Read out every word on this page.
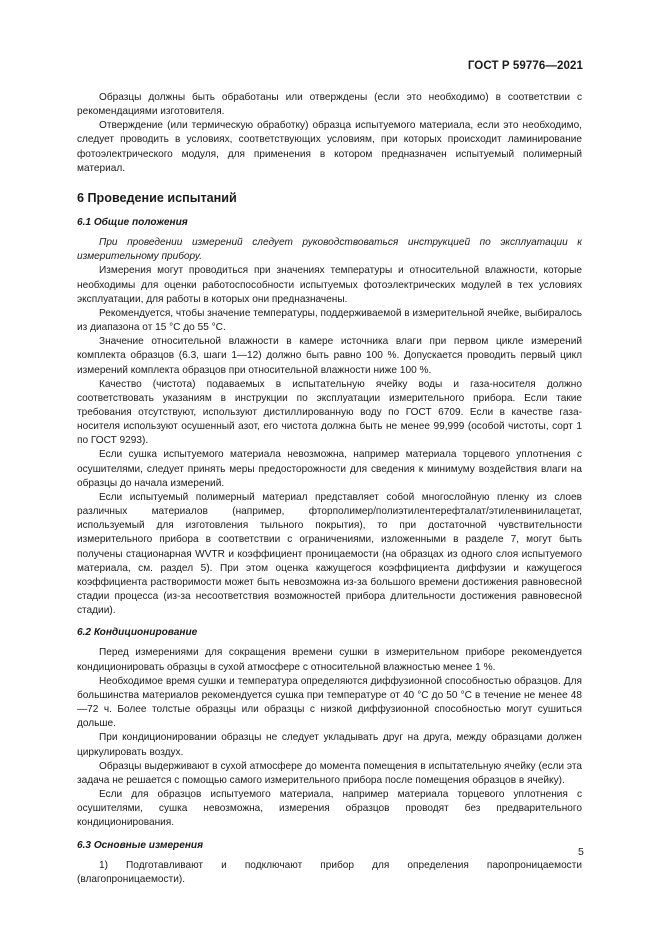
ГОСТ Р 59776—2021

Образцы должны быть обработаны или отверждены (если это необходимо) в соответствии с рекомендациями изготовителя.

Отверждение (или термическую обработку) образца испытуемого материала, если это необходимо, следует проводить в условиях, соответствующих условиям, при которых происходит ламинирование фотоэлектрического модуля, для применения в котором предназначен испытуемый полимерный материал.

6 Проведение испытаний

6.1 Общие положения

При проведении измерений следует руководствоваться инструкцией по эксплуатации к измерительному прибору.

Измерения могут проводиться при значениях температуры и относительной влажности, которые необходимы для оценки работоспособности испытуемых фотоэлектрических модулей в тех условиях эксплуатации, для работы в которых они предназначены.

Рекомендуется, чтобы значение температуры, поддерживаемой в измерительной ячейке, выбиралось из диапазона от 15 °С до 55 °С.

Значение относительной влажности в камере источника влаги при первом цикле измерений комплекта образцов (6.3, шаги 1—12) должно быть равно 100 %. Допускается проводить первый цикл измерений комплекта образцов при относительной влажности ниже 100 %.

Качество (чистота) подаваемых в испытательную ячейку воды и газа-носителя должно соответствовать указаниям в инструкции по эксплуатации измерительного прибора. Если такие требования отсутствуют, используют дистиллированную воду по ГОСТ 6709. Если в качестве газа-носителя используют осушенный азот, его чистота должна быть не менее 99,999 (особой чистоты, сорт 1 по ГОСТ 9293).

Если сушка испытуемого материала невозможна, например материала торцевого уплотнения с осушителями, следует принять меры предосторожности для сведения к минимуму воздействия влаги на образцы до начала измерений.

Если испытуемый полимерный материал представляет собой многослойную пленку из слоев различных материалов (например, фторполимер/полиэтилентерефталат/этиленвинилацетат, используемый для изготовления тыльного покрытия), то при достаточной чувствительности измерительного прибора в соответствии с ограничениями, изложенными в разделе 7, могут быть получены стационарная WVTR и коэффициент проницаемости (на образцах из одного слоя испытуемого материала, см. раздел 5). При этом оценка кажущегося коэффициента диффузии и кажущегося коэффициента растворимости может быть невозможна из-за большого времени достижения равновесной стадии процесса (из-за несоответствия возможностей прибора длительности достижения равновесной стадии).

6.2 Кондиционирование

Перед измерениями для сокращения времени сушки в измерительном приборе рекомендуется кондиционировать образцы в сухой атмосфере с относительной влажностью менее 1 %.

Необходимое время сушки и температура определяются диффузионной способностью образцов. Для большинства материалов рекомендуется сушка при температуре от 40 °С до 50 °С в течение не менее 48—72 ч. Более толстые образцы или образцы с низкой диффузионной способностью могут сушиться дольше.

При кондиционировании образцы не следует укладывать друг на друга, между образцами должен циркулировать воздух.

Образцы выдерживают в сухой атмосфере до момента помещения в испытательную ячейку (если эта задача не решается с помощью самого измерительного прибора после помещения образцов в ячейку).

Если для образцов испытуемого материала, например материала торцевого уплотнения с осушителями, сушка невозможна, измерения образцов проводят без предварительного кондиционирования.

6.3 Основные измерения

1) Подготавливают и подключают прибор для определения паропроницаемости (влагопроницаемости).

5
